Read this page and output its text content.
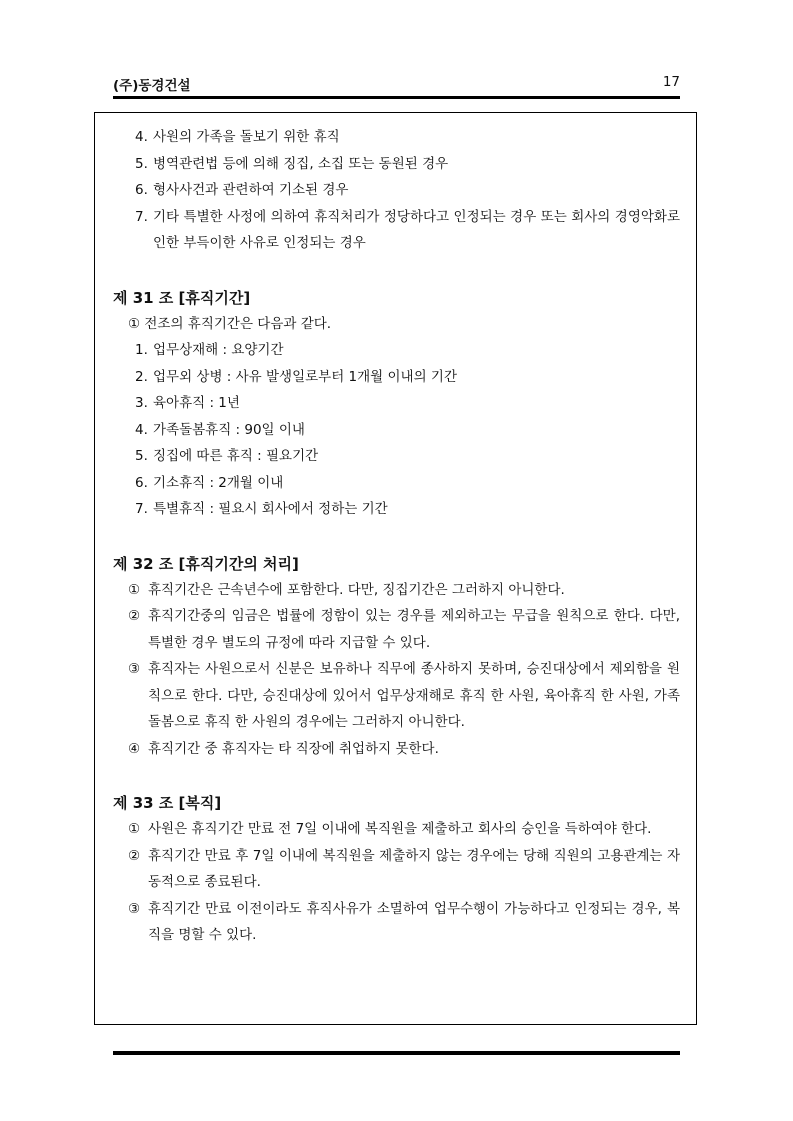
(주)동경건설	17
4. 사원의 가족을 돌보기 위한 휴직
5. 병역관련법 등에 의해 징집, 소집 또는 동원된 경우
6. 형사사건과 관련하여 기소된 경우
7. 기타 특별한 사정에 의하여 휴직처리가 정당하다고 인정되는 경우 또는 회사의 경영악화로 인한 부득이한 사유로 인정되는 경우
제 31 조 [휴직기간]
① 전조의 휴직기간은 다음과 같다.
1. 업무상재해 : 요양기간
2. 업무외 상병 : 사유 발생일로부터 1개월 이내의 기간
3. 육아휴직 : 1년
4. 가족돌봄휴직 : 90일 이내
5. 징집에 따른 휴직 : 필요기간
6. 기소휴직 : 2개월 이내
7. 특별휴직 : 필요시 회사에서 정하는 기간
제 32 조 [휴직기간의 처리]
① 휴직기간은 근속년수에 포함한다. 다만, 징집기간은 그러하지 아니한다.
② 휴직기간중의 임금은 법률에 정함이 있는 경우를 제외하고는 무급을 원칙으로 한다. 다만, 특별한 경우 별도의 규정에 따라 지급할 수 있다.
③ 휴직자는 사원으로서 신분은 보유하나 직무에 종사하지 못하며, 승진대상에서 제외함을 원칙으로 한다. 다만, 승진대상에 있어서 업무상재해로 휴직 한 사원, 육아휴직 한 사원, 가족돌봄으로 휴직 한 사원의 경우에는 그러하지 아니한다.
④ 휴직기간 중 휴직자는 타 직장에 취업하지 못한다.
제 33 조 [복직]
① 사원은 휴직기간 만료 전 7일 이내에 복직원을 제출하고 회사의 승인을 득하여야 한다.
② 휴직기간 만료 후 7일 이내에 복직원을 제출하지 않는 경우에는 당해 직원의 고용관계는 자동적으로 종료된다.
③ 휴직기간 만료 이전이라도 휴직사유가 소멸하여 업무수행이 가능하다고 인정되는 경우, 복직을 명할 수 있다.
